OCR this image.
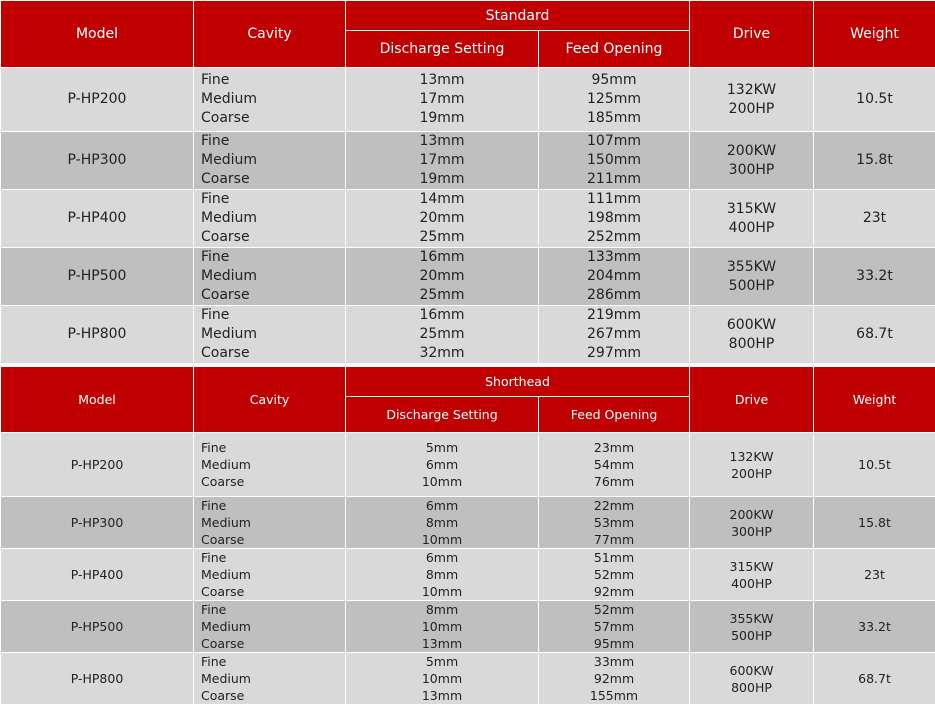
Model	Cavity	Standard		Drive	Weight
		Discharge Setting	Feed Opening		
P-HP200	Fine
Medium
Coarse	13mm
17mm
19mm	95mm
125mm
185mm	132KW
200HP	10.5t
P-HP300	Fine
Medium
Coarse	13mm
17mm
19mm	107mm
150mm
211mm	200KW
300HP	15.8t
P-HP400	Fine
Medium
Coarse	14mm
20mm
25mm	111mm
198mm
252mm	315KW
400HP	23t
P-HP500	Fine
Medium
Coarse	16mm
20mm
25mm	133mm
204mm
286mm	355KW
500HP	33.2t
P-HP800	Fine
Medium
Coarse	16mm
25mm
32mm	219mm
267mm
297mm	600KW
800HP	68.7t
Model	Cavity	Shorthead		Drive	Weight
		Discharge Setting	Feed Opening		
P-HP200	Fine
Medium
Coarse	5mm
6mm
10mm	23mm
54mm
76mm	132KW
200HP	10.5t
P-HP300	Fine
Medium
Coarse	6mm
8mm
10mm	22mm
53mm
77mm	200KW
300HP	15.8t
P-HP400	Fine
Medium
Coarse	6mm
8mm
10mm	51mm
52mm
92mm	315KW
400HP	23t
P-HP500	Fine
Medium
Coarse	8mm
10mm
13mm	52mm
57mm
95mm	355KW
500HP	33.2t
P-HP800	Fine
Medium
Coarse	5mm
10mm
13mm	33mm
92mm
155mm	600KW
800HP	68.7t
